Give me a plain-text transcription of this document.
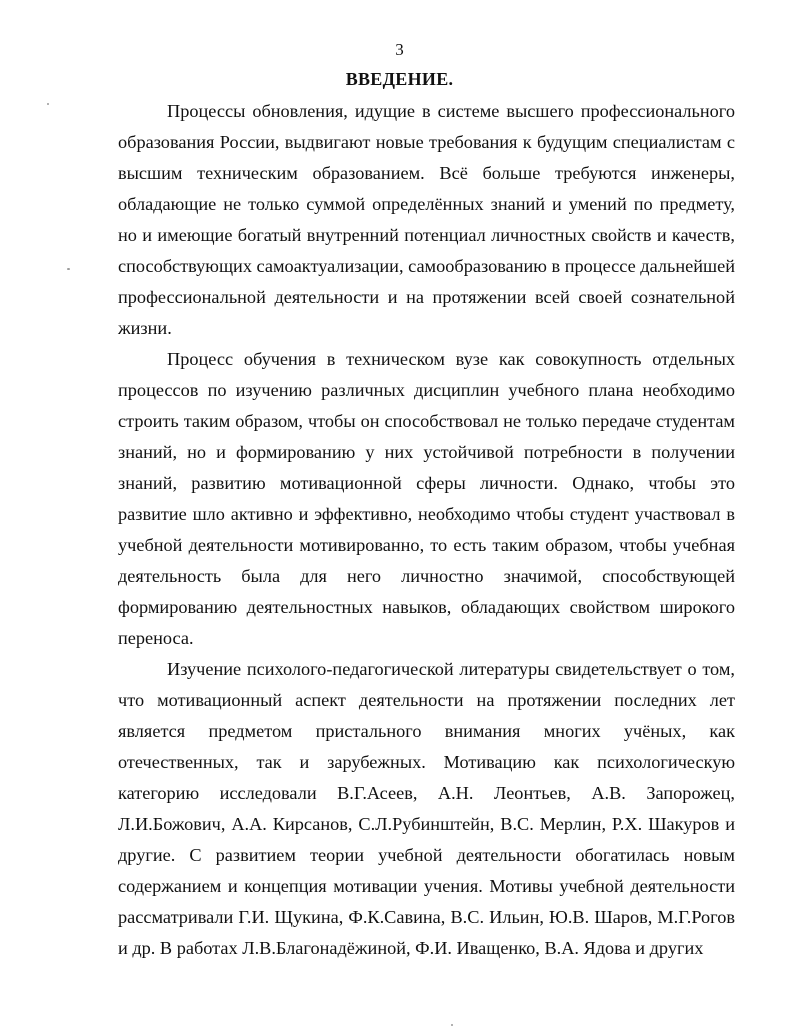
3
ВВЕДЕНИЕ.

Процессы обновления, идущие в системе высшего профессионального образования России, выдвигают новые требования к будущим специалистам с высшим техническим образованием. Всё больше требуются инженеры, обладающие не только суммой определённых знаний и умений по предмету, но и имеющие богатый внутренний потенциал личностных свойств и качеств, способствующих самоактуализации, самообразованию в процессе дальнейшей профессиональной деятельности и на протяжении всей своей сознательной жизни.

Процесс обучения в техническом вузе как совокупность отдельных процессов по изучению различных дисциплин учебного плана необходимо строить таким образом, чтобы он способствовал не только передаче студентам знаний, но и формированию у них устойчивой потребности в получении знаний, развитию мотивационной сферы личности. Однако, чтобы это развитие шло активно и эффективно, необходимо чтобы студент участвовал в учебной деятельности мотивированно, то есть таким образом, чтобы учебная деятельность была для него личностно значимой, способствующей формированию деятельностных навыков, обладающих свойством широкого переноса.

Изучение психолого-педагогической литературы свидетельствует о том, что мотивационный аспект деятельности на протяжении последних лет является предметом пристального внимания многих учёных, как отечественных, так и зарубежных. Мотивацию как психологическую категорию исследовали В.Г.Асеев, А.Н. Леонтьев, А.В. Запорожец, Л.И.Божович, А.А. Кирсанов, С.Л.Рубинштейн, В.С. Мерлин, Р.Х. Шакуров и другие. С развитием теории учебной деятельности обогатилась новым содержанием и концепция мотивации учения. Мотивы учебной деятельности рассматривали Г.И. Щукина, Ф.К.Савина, В.С. Ильин, Ю.В. Шаров, М.Г.Рогов и др. В работах Л.В.Благонадёжиной, Ф.И. Иващенко, В.А. Ядова и других
